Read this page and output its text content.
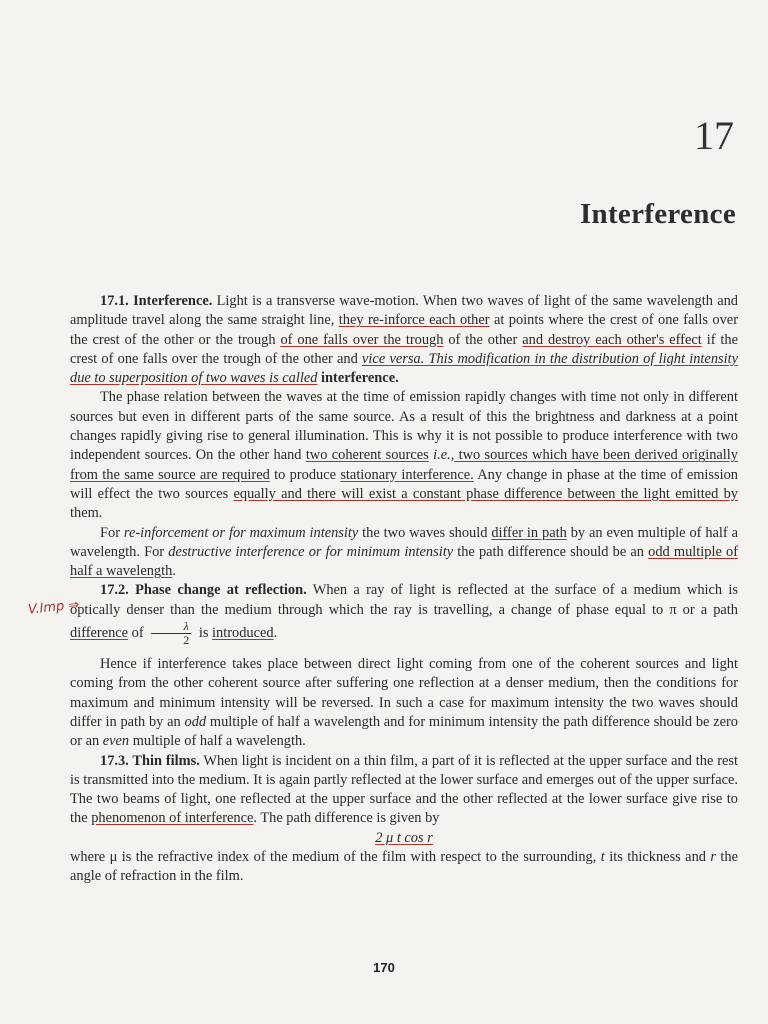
17
Interference
V.Imp ⇒

17.1. Interference. Light is a transverse wave-motion. When two waves of light of the same wavelength and amplitude travel along the same straight line, they re-inforce each other at points where the crest of one falls over the crest of the other or the trough of one falls over the trough of the other and destroy each other's effect if the crest of one falls over the trough of the other and vice versa. This modification in the distribution of light intensity due to superposition of two waves is called interference.

The phase relation between the waves at the time of emission rapidly changes with time not only in different sources but even in different parts of the same source. As a result of this the brightness and darkness at a point changes rapidly giving rise to general illumination. This is why it is not possible to produce interference with two independent sources. On the other hand two coherent sources i.e., two sources which have been derived originally from the same source are required to produce stationary interference. Any change in phase at the time of emission will effect the two sources equally and there will exist a constant phase difference between the light emitted by them.

For re-inforcement or for maximum intensity the two waves should differ in path by an even multiple of half a wavelength. For destructive interference or for minimum intensity the path difference should be an odd multiple of half a wavelength.

17.2. Phase change at reflection. When a ray of light is reflected at the surface of a medium which is optically denser than the medium through which the ray is travelling, a change of phase equal to π or a path difference of $\frac{\lambda}{2}$ is introduced.

Hence if interference takes place between direct light coming from one of the coherent sources and light coming from the other coherent source after suffering one reflection at a denser medium, then the conditions for maximum and minimum intensity will be reversed. In such a case for maximum intensity the two waves should differ in path by an odd multiple of half a wavelength and for minimum intensity the path difference should be zero or an even multiple of half a wavelength.

17.3. Thin films. When light is incident on a thin film, a part of it is reflected at the upper surface and the rest is transmitted into the medium. It is again partly reflected at the lower surface and emerges out of the upper surface. The two beams of light, one reflected at the upper surface and the other reflected at the lower surface give rise to the phenomenon of interference. The path difference is given by

2 μ t cos r

where μ is the refractive index of the medium of the film with respect to the surrounding, t its thickness and r the angle of refraction in the film.

170
